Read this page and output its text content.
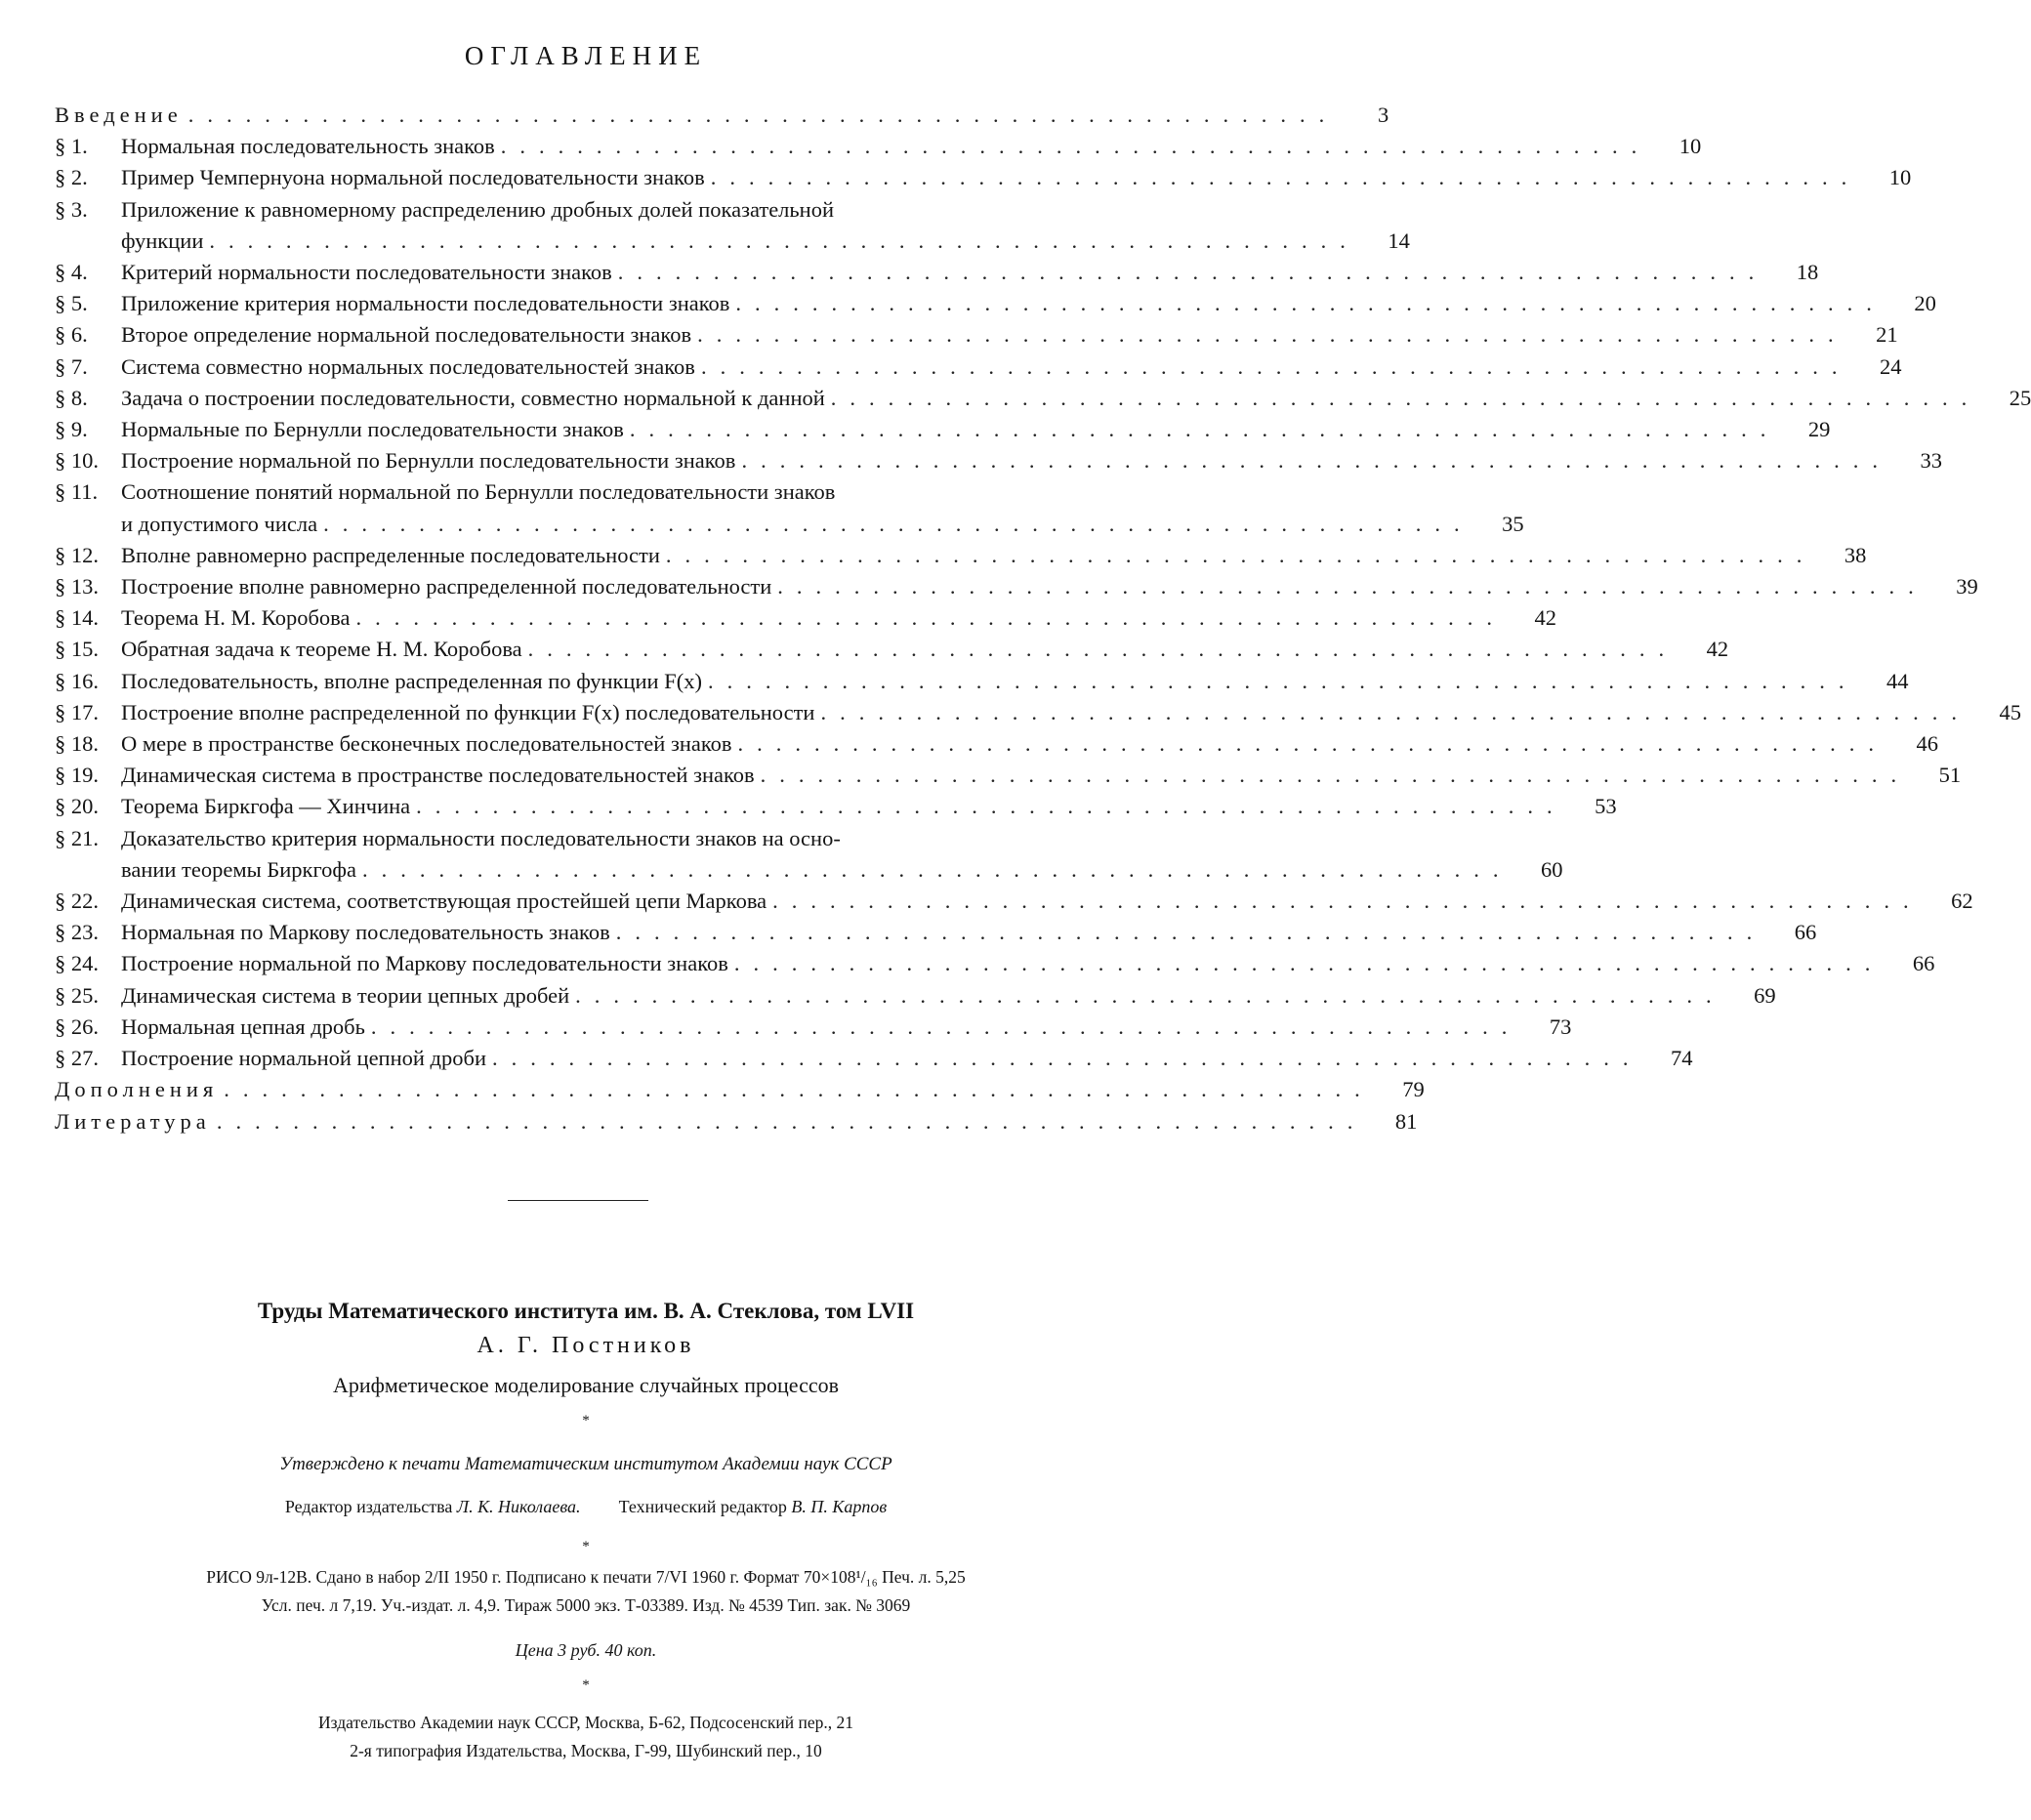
ОГЛАВЛЕНИЕ
Введение ............................................................	3
§ 1.	Нормальная последовательность знаков ............................................................	10
§ 2.	Пример Чемпернуона нормальной последовательности знаков ............................................................	10
§ 3.	Приложение к равномерному распределению дробных долей показательной
функции ............................................................	14
§ 4.	Критерий нормальности последовательности знаков ............................................................	18
§ 5.	Приложение критерия нормальности последовательности знаков ............................................................	20
§ 6.	Второе определение нормальной последовательности знаков ............................................................	21
§ 7.	Система совместно нормальных последовательностей знаков ............................................................	24
§ 8.	Задача о построении последовательности, совместно нормальной к данной ............................................................	25
§ 9.	Нормальные по Бернулли последовательности знаков ............................................................	29
§ 10.	Построение нормальной по Бернулли последовательности знаков ............................................................	33
§ 11.	Соотношение понятий нормальной по Бернулли последовательности знаков
и допустимого числа ............................................................	35
§ 12.	Вполне равномерно распределенные последовательности ............................................................	38
§ 13.	Построение вполне равномерно распределенной последовательности ............................................................	39
§ 14.	Теорема Н. М. Коробова ............................................................	42
§ 15.	Обратная задача к теореме Н. М. Коробова ............................................................	42
§ 16.	Последовательность, вполне распределенная по функции F(x) ............................................................	44
§ 17.	Построение вполне распределенной по функции F(x) последовательности ............................................................	45
§ 18.	О мере в пространстве бесконечных последовательностей знаков ............................................................	46
§ 19.	Динамическая система в пространстве последовательностей знаков ............................................................	51
§ 20.	Теорема Биркгофа — Хинчина ............................................................	53
§ 21.	Доказательство критерия нормальности последовательности знаков на осно-
вании теоремы Биркгофа ............................................................	60
§ 22.	Динамическая система, соответствующая простейшей цепи Маркова ............................................................	62
§ 23.	Нормальная по Маркову последовательность знаков ............................................................	66
§ 24.	Построение нормальной по Маркову последовательности знаков ............................................................	66
§ 25.	Динамическая система в теории цепных дробей ............................................................	69
§ 26.	Нормальная цепная дробь ............................................................	73
§ 27.	Построение нормальной цепной дроби ............................................................	74
Дополнения ............................................................	79
Литература ............................................................	81
Труды Математического института им. В. А. Стеклова, том LVII
А. Г. Постников
Арифметическое моделирование случайных процессов
*
Утверждено к печати Математическим институтом Академии наук СССР
Редактор издательства Л. К. Николаева. Технический редактор В. П. Карпов
*
РИСО 9л-12В. Сдано в набор 2/II 1950 г. Подписано к печати 7/VI 1960 г. Формат 70×108¹/₁₆ Печ. л. 5,25
Усл. печ. л 7,19. Уч.-издат. л. 4,9. Тираж 5000 экз. Т-03389. Изд. № 4539 Тип. зак. № 3069
Цена 3 руб. 40 коп.
*
Издательство Академии наук СССР, Москва, Б-62, Подсосенский пер., 21
2-я типография Издательства, Москва, Г-99, Шубинский пер., 10
